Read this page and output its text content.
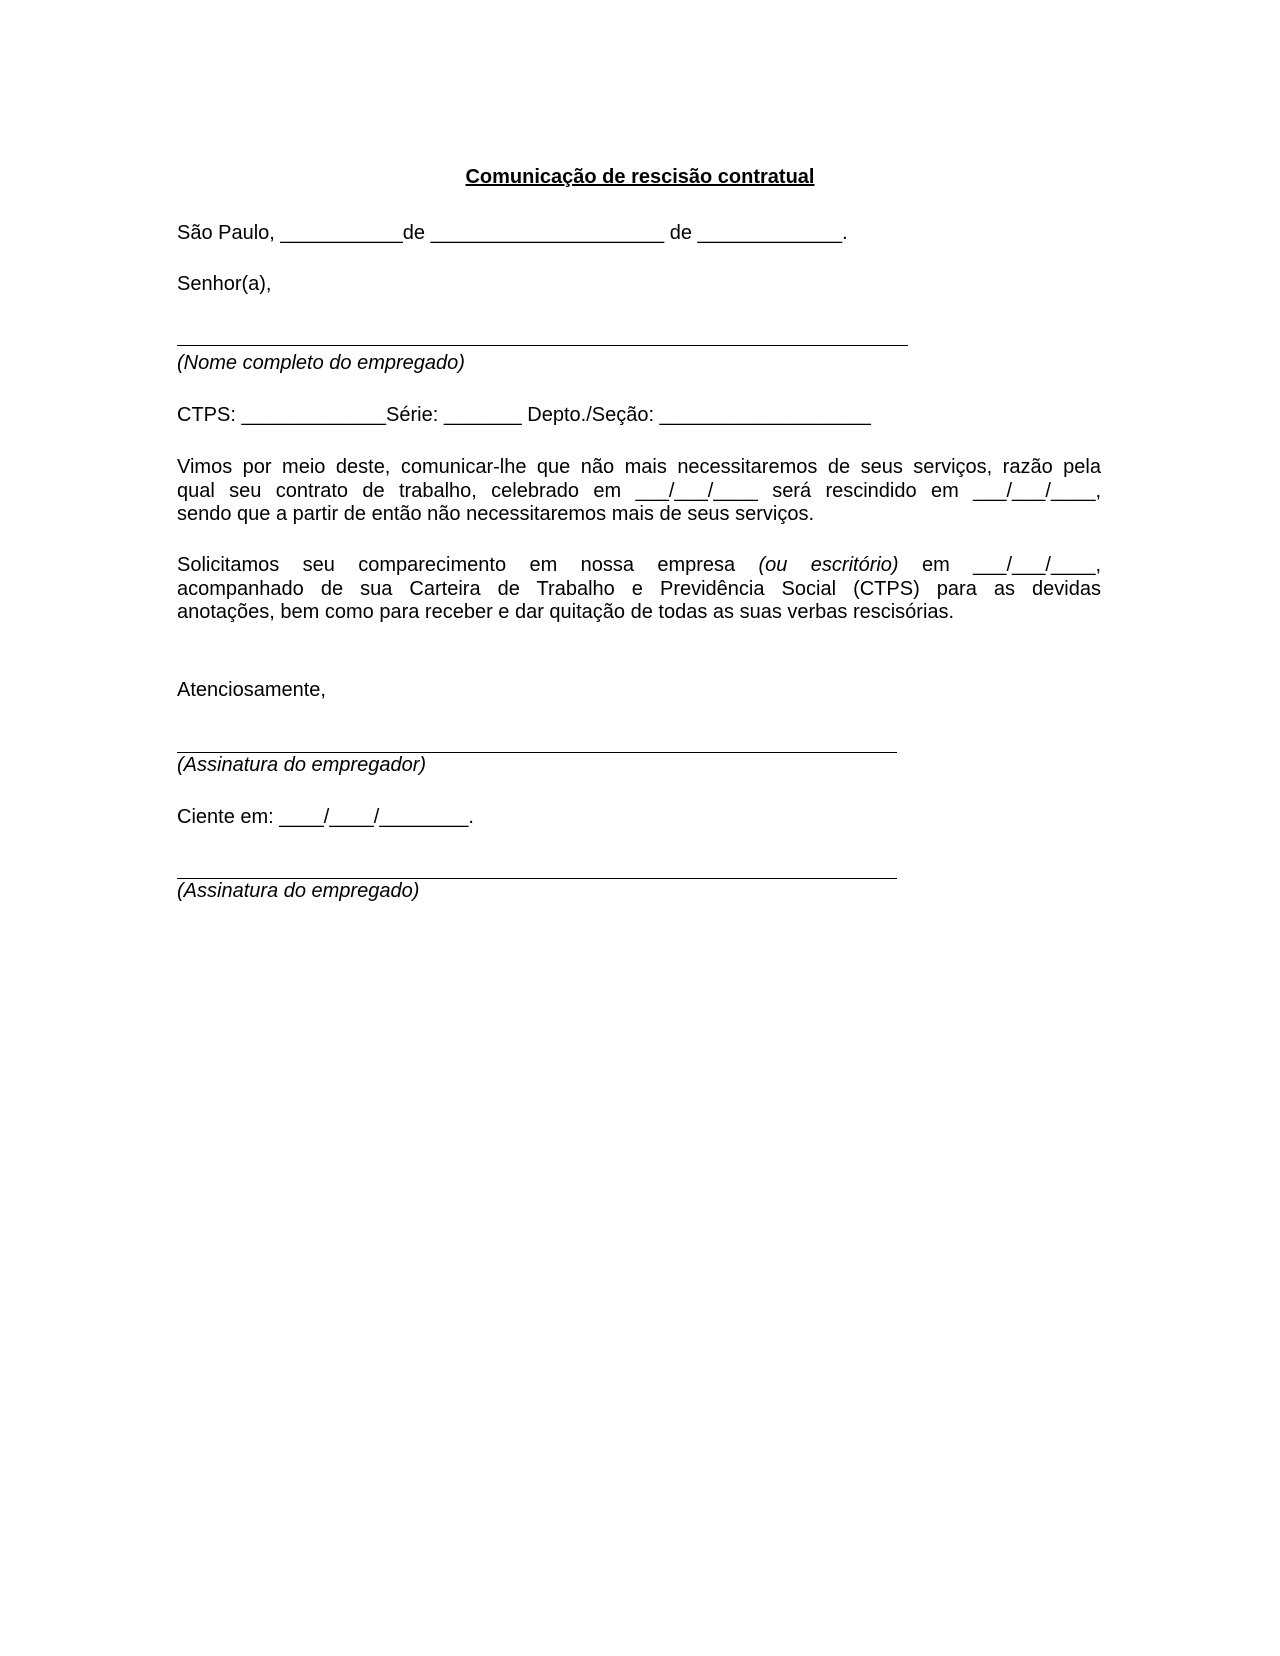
Comunicação de rescisão contratual

São Paulo, ___________de _____________________ de _____________.

Senhor(a),

(Nome completo do empregado)

CTPS: _____________Série: _______ Depto./Seção: ___________________

Vimos por meio deste, comunicar-lhe que não mais necessitaremos de seus serviços, razão pela
qual seu contrato de trabalho, celebrado em ___/___/____ será rescindido em ___/___/____,
sendo que a partir de então não necessitaremos mais de seus serviços.
Solicitamos seu comparecimento em nossa empresa (ou escritório) em ___/___/____,
acompanhado de sua Carteira de Trabalho e Previdência Social (CTPS) para as devidas
anotações, bem como para receber e dar quitação de todas as suas verbas rescisórias.

Atenciosamente,

(Assinatura do empregador)

Ciente em: ____/____/________.

(Assinatura do empregado)
